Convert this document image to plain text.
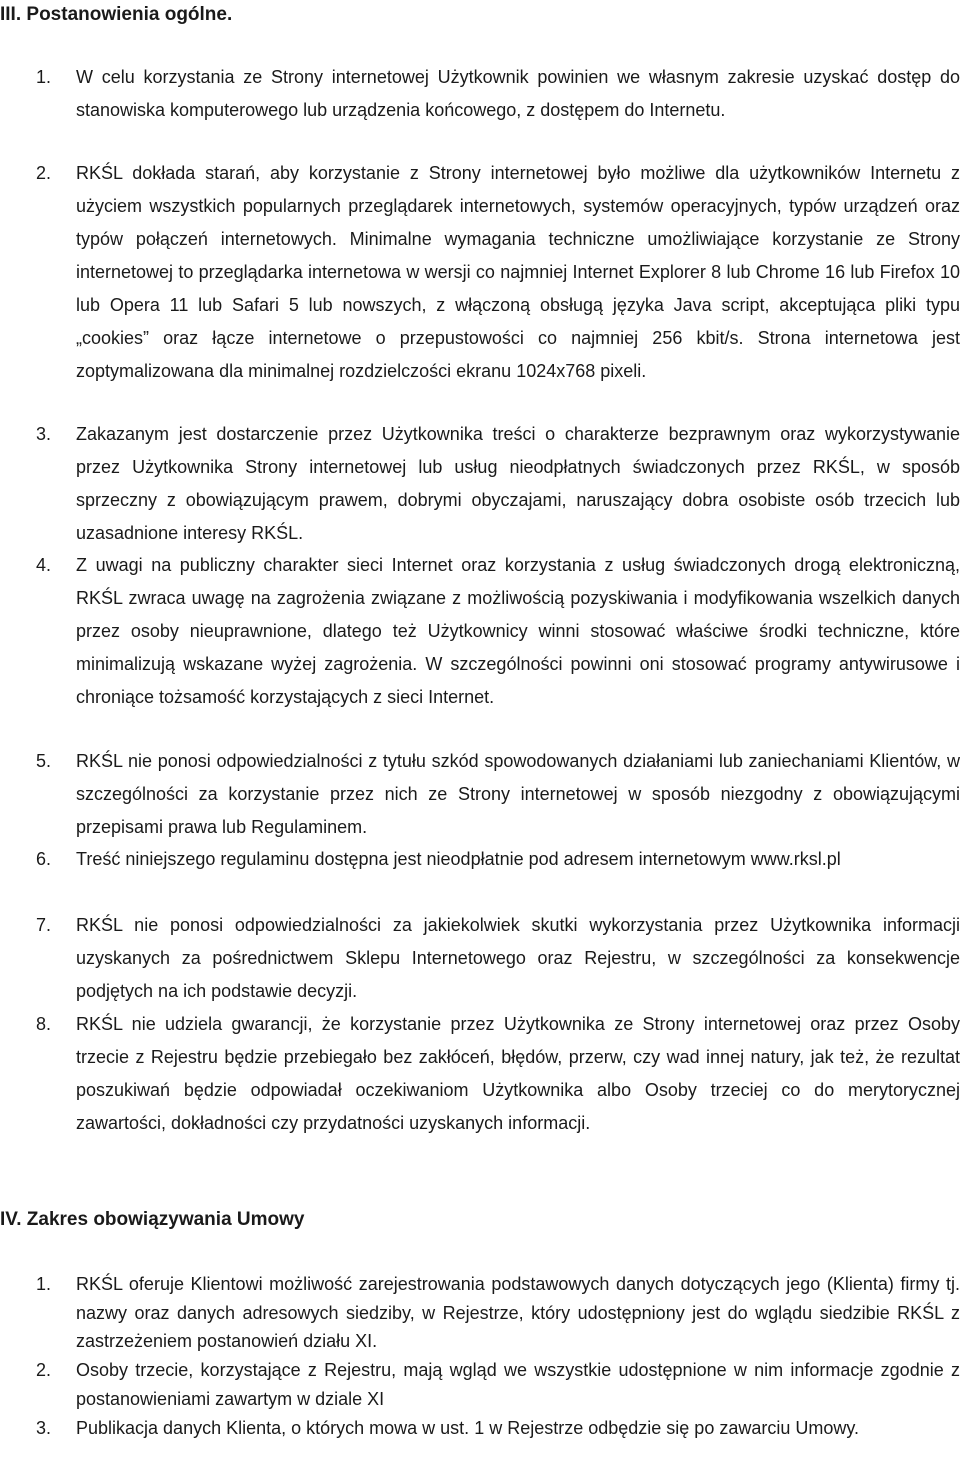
III. Postanowienia ogólne.
1. W celu korzystania ze Strony internetowej Użytkownik powinien we własnym zakresie uzyskać dostęp do stanowiska komputerowego lub urządzenia końcowego, z dostępem do Internetu.

2. RKŚL dokłada starań, aby korzystanie z Strony internetowej było możliwe dla użytkowników Internetu z użyciem wszystkich popularnych przeglądarek internetowych, systemów operacyjnych, typów urządzeń oraz typów połączeń internetowych. Minimalne wymagania techniczne umożliwiające korzystanie ze Strony internetowej to przeglądarka internetowa w wersji co najmniej Internet Explorer 8 lub Chrome 16 lub Firefox 10 lub Opera 11 lub Safari 5 lub nowszych, z włączoną obsługą języka Java script, akceptująca pliki typu „cookies” oraz łącze internetowe o przepustowości co najmniej 256 kbit/s. Strona internetowa jest zoptymalizowana dla minimalnej rozdzielczości ekranu 1024x768 pixeli.

3. Zakazanym jest dostarczenie przez Użytkownika treści o charakterze bezprawnym oraz wykorzystywanie przez Użytkownika Strony internetowej lub usług nieodpłatnych świadczonych przez RKŚL, w sposób sprzeczny z obowiązującym prawem, dobrymi obyczajami, naruszający dobra osobiste osób trzecich lub uzasadnione interesy RKŚL.

4. Z uwagi na publiczny charakter sieci Internet oraz korzystania z usług świadczonych drogą elektroniczną, RKŚL zwraca uwagę na zagrożenia związane z możliwością pozyskiwania i modyfikowania wszelkich danych przez osoby nieuprawnione, dlatego też Użytkownicy winni stosować właściwe środki techniczne, które minimalizują wskazane wyżej zagrożenia. W szczególności powinni oni stosować programy antywirusowe i chroniące tożsamość korzystających z sieci Internet.

5. RKŚL nie ponosi odpowiedzialności z tytułu szkód spowodowanych działaniami lub zaniechaniami Klientów, w szczególności za korzystanie przez nich ze Strony internetowej w sposób niezgodny z obowiązującymi przepisami prawa lub Regulaminem.

6. Treść niniejszego regulaminu dostępna jest nieodpłatnie pod adresem internetowym www.rksl.pl

7. RKŚL nie ponosi odpowiedzialności za jakiekolwiek skutki wykorzystania przez Użytkownika informacji uzyskanych za pośrednictwem Sklepu Internetowego oraz Rejestru, w szczególności za konsekwencje podjętych na ich podstawie decyzji.

8. RKŚL nie udziela gwarancji, że korzystanie przez Użytkownika ze Strony internetowej oraz przez Osoby trzecie z Rejestru będzie przebiegało bez zakłóceń, błędów, przerw, czy wad innej natury, jak też, że rezultat poszukiwań będzie odpowiadał oczekiwaniom Użytkownika albo Osoby trzeciej co do merytorycznej zawartości, dokładności czy przydatności uzyskanych informacji.

IV. Zakres obowiązywania Umowy
1. RKŚL oferuje Klientowi możliwość zarejestrowania podstawowych danych dotyczących jego (Klienta) firmy tj. nazwy oraz danych adresowych siedziby, w Rejestrze, który udostępniony jest do wglądu siedzibie RKŚL z zastrzeżeniem postanowień działu XI.

2. Osoby trzecie, korzystające z Rejestru, mają wgląd we wszystkie udostępnione w nim informacje zgodnie z postanowieniami zawartym w dziale XI

3. Publikacja danych Klienta, o których mowa w ust. 1 w Rejestrze odbędzie się po zawarciu Umowy.
